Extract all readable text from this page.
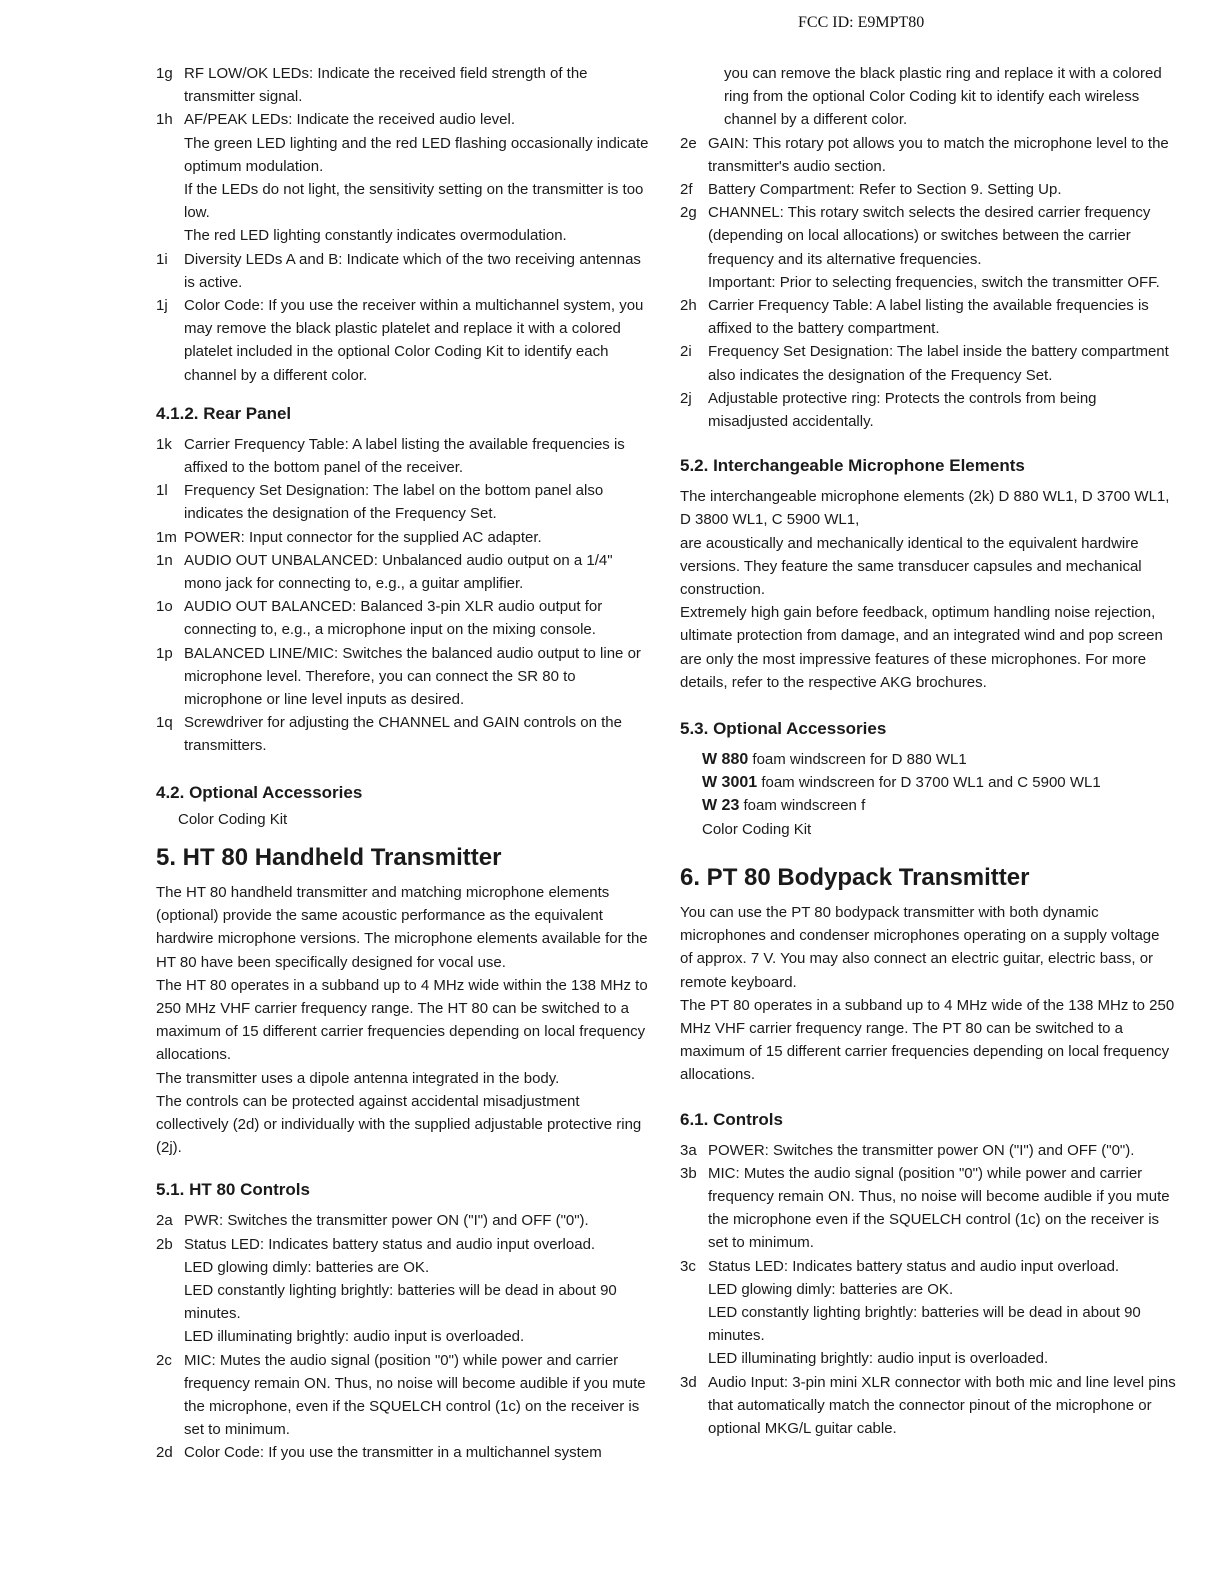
FCC ID: E9MPT80
1g RF LOW/OK LEDs: Indicate the received field strength of the transmitter signal.

1h AF/PEAK LEDs: Indicate the received audio level.

The green LED lighting and the red LED flashing occasionally indicate optimum modulation.

If the LEDs do not light, the sensitivity setting on the transmitter is too low.

The red LED lighting constantly indicates overmodulation.

1i	Diversity LEDs A and B: Indicate which of the two receiving antennas is active.

1j	Color Code: If you use the receiver within a multichannel system, you may remove the black plastic platelet and replace it with a colored platelet included in the optional Color Coding Kit to identify each channel by a different color.

4.1.2. Rear Panel
1k Carrier Frequency Table: A label listing the available frequencies is affixed to the bottom panel of the receiver.

1l	Frequency Set Designation: The label on the bottom panel also indicates the designation of the Frequency Set.

1m POWER: Input connector for the supplied AC adapter.

1n AUDIO OUT UNBALANCED: Unbalanced audio output on a 1/4" mono jack for connecting to, e.g., a guitar amplifier.

1o AUDIO OUT BALANCED: Balanced 3-pin XLR audio output for connecting to, e.g., a microphone input on the mixing console.

1p BALANCED LINE/MIC: Switches the balanced audio output to line or microphone level. Therefore, you can connect the SR 80 to microphone or line level inputs as desired.

1q Screwdriver for adjusting the CHANNEL and GAIN controls on the transmitters.

4.2. Optional Accessories
Color Coding Kit
5. HT 80 Handheld Transmitter

The HT 80 handheld transmitter and matching microphone elements (optional) provide the same acoustic performance as the equivalent hardwire microphone versions. The microphone elements available for the HT 80 have been specifically designed for vocal use.

The HT 80 operates in a subband up to 4 MHz wide within the 138 MHz to 250 MHz VHF carrier frequency range. The HT 80 can be switched to a maximum of 15 different carrier frequencies depending on local frequency allocations.

The transmitter uses a dipole antenna integrated in the body.

The controls can be protected against accidental misadjustment collectively (2d) or individually with the supplied adjustable protective ring (2j).

5.1. HT 80 Controls
2a PWR: Switches the transmitter power ON ("I") and OFF ("0").

2b Status LED: Indicates battery status and audio input overload.

LED glowing dimly: batteries are OK.

LED constantly lighting brightly: batteries will be dead in about 90 minutes.

LED illuminating brightly: audio input is overloaded.

2c MIC: Mutes the audio signal (position "0") while power and carrier frequency remain ON. Thus, no noise will become audible if you mute the microphone, even if the SQUELCH control (1c) on the receiver is set to minimum.

2d Color Code: If you use the transmitter in a multichannel system

you can remove the black plastic ring and replace it with a colored ring from the optional Color Coding kit to identify each wireless channel by a different color.
2e GAIN: This rotary pot allows you to match the microphone level to the transmitter's audio section.

2f	Battery Compartment: Refer to Section 9. Setting Up.

2g CHANNEL: This rotary switch selects the desired carrier frequency (depending on local allocations) or switches between the carrier frequency and its alternative frequencies.

Important: Prior to selecting frequencies, switch the transmitter OFF.

2h Carrier Frequency Table: A label listing the available frequencies is affixed to the battery compartment.

2i	Frequency Set Designation: The label inside the battery compartment also indicates the designation of the Frequency Set.

2j	Adjustable protective ring: Protects the controls from being misadjusted accidentally.

5.2. Interchangeable Microphone Elements

The interchangeable microphone elements (2k) D 880 WL1, D 3700 WL1, D 3800 WL1, C 5900 WL1,

are acoustically and mechanically identical to the equivalent hardwire versions. They feature the same transducer capsules and mechanical construction.

Extremely high gain before feedback, optimum handling noise rejection, ultimate protection from damage, and an integrated wind and pop screen are only the most impressive features of these microphones. For more details, refer to the respective AKG brochures.

5.3. Optional Accessories
W 880 foam windscreen for D 880 WL1
W 3001 foam windscreen for D 3700 WL1 and C 5900 WL1
W 23 foam windscreen f
Color Coding Kit
6. PT 80 Bodypack Transmitter

You can use the PT 80 bodypack transmitter with both dynamic microphones and condenser microphones operating on a supply voltage of approx. 7 V. You may also connect an electric guitar, electric bass, or remote keyboard.

The PT 80 operates in a subband up to 4 MHz wide of the 138 MHz to 250 MHz VHF carrier frequency range. The PT 80 can be switched to a maximum of 15 different carrier frequencies depending on local frequency allocations.

6.1. Controls
3a POWER: Switches the transmitter power ON ("I") and OFF ("0").

3b MIC: Mutes the audio signal (position "0") while power and carrier frequency remain ON. Thus, no noise will become audible if you mute the microphone even if the SQUELCH control (1c) on the receiver is set to minimum.

3c Status LED: Indicates battery status and audio input overload.

LED glowing dimly: batteries are OK.

LED constantly lighting brightly: batteries will be dead in about 90 minutes.

LED illuminating brightly: audio input is overloaded.

3d Audio Input: 3-pin mini XLR connector with both mic and line level pins that automatically match the connector pinout of the microphone or optional MKG/L guitar cable.
